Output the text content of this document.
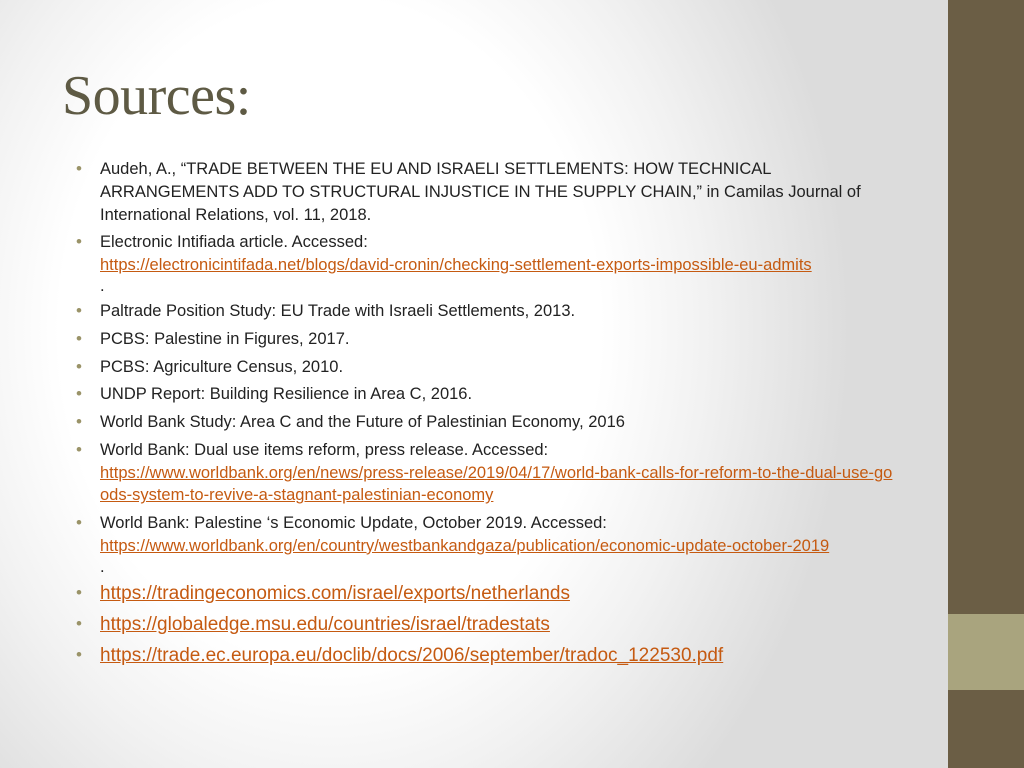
Sources:
• Audeh, A., “TRADE BETWEEN THE EU AND ISRAELI SETTLEMENTS: HOW TECHNICAL ARRANGEMENTS ADD TO STRUCTURAL INJUSTICE IN THE SUPPLY CHAIN,” in Camilas Journal of International Relations, vol. 11, 2018.
• Electronic Intifiada article. Accessed:
https://electronicintifada.net/blogs/david-cronin/checking-settlement-exports-impossible-eu-admits
.
• Paltrade Position Study: EU Trade with Israeli Settlements, 2013.
• PCBS: Palestine in Figures, 2017.
• PCBS: Agriculture Census, 2010.
• UNDP Report: Building Resilience in Area C, 2016.
• World Bank Study: Area C and the Future of Palestinian Economy, 2016
• World Bank: Dual use items reform, press release. Accessed:
https://www.worldbank.org/en/news/press-release/2019/04/17/world-bank-calls-for-reform-to-the-dual-use-goods-system-to-revive-a-stagnant-palestinian-economy
• World Bank: Palestine ‘s Economic Update, October 2019. Accessed:
https://www.worldbank.org/en/country/westbankandgaza/publication/economic-update-october-2019
.
• https://tradingeconomics.com/israel/exports/netherlands
• https://globaledge.msu.edu/countries/israel/tradestats
• https://trade.ec.europa.eu/doclib/docs/2006/september/tradoc_122530.pdf
